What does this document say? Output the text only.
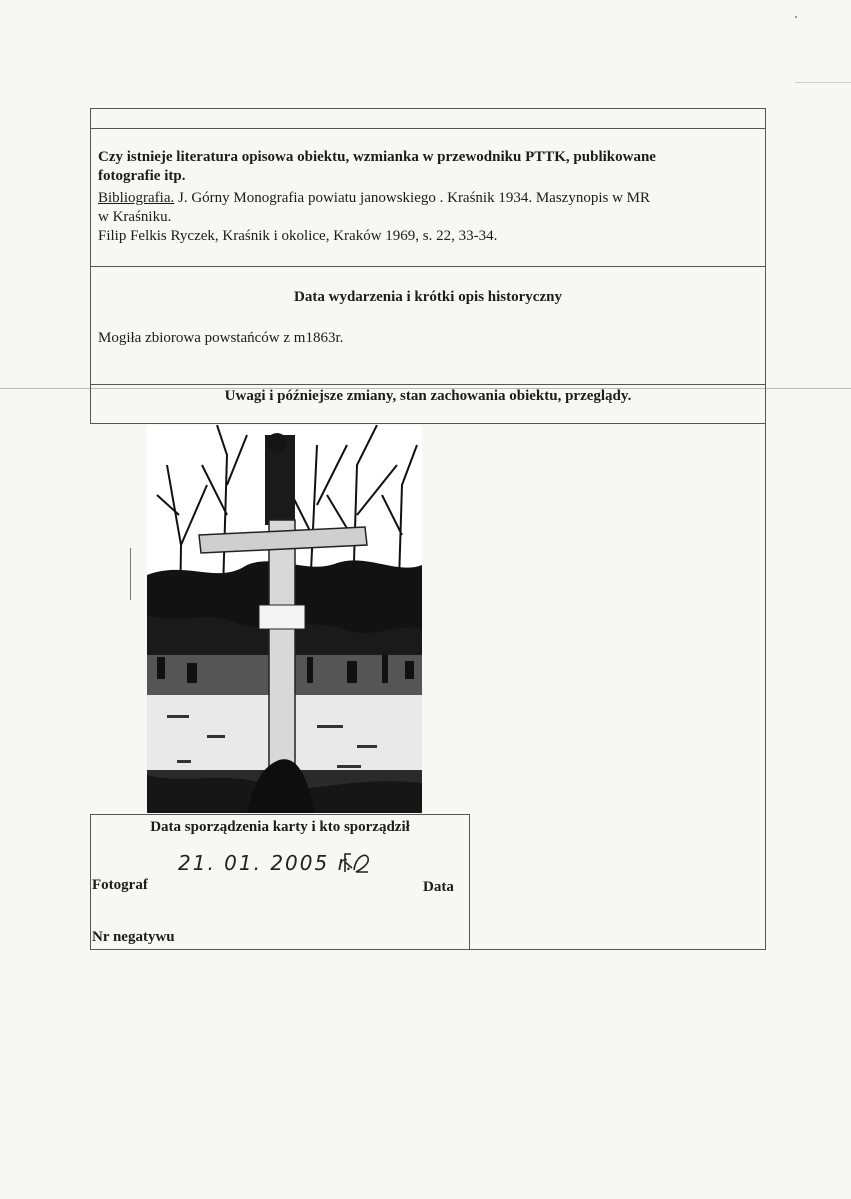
Czy istnieje literatura opisowa obiektu, wzmianka w przewodniku PTTK, publikowane
fotografie itp.
Bibliografia. J. Górny Monografia powiatu janowskiego . Kraśnik 1934. Maszynopis w MR
w Kraśniku.
Filip Felkis Ryczek, Kraśnik i okolice, Kraków 1969, s. 22, 33-34.
Data wydarzenia i krótki opis historyczny
Mogiła zbiorowa powstańców z m1863r.
Uwagi i późniejsze zmiany, stan zachowania obiektu, przeglądy.
Data sporządzenia karty i kto sporządził
21. 01. 2005 r.
Fotograf	Data
Nr negatywu
